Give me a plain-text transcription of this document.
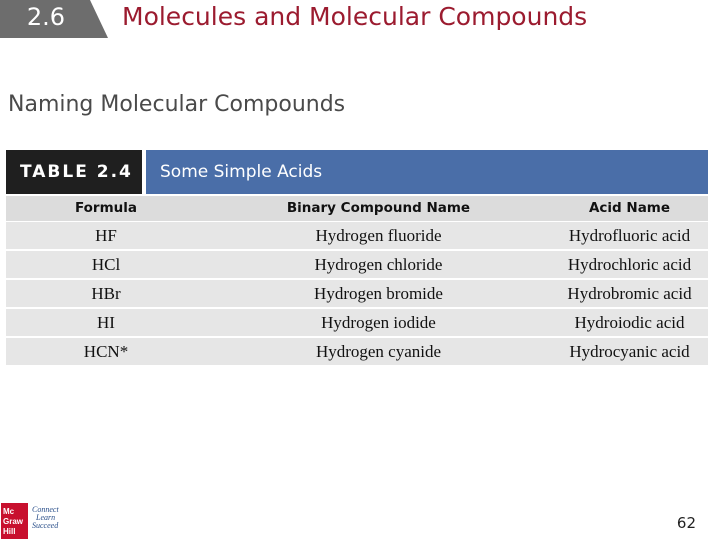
2.6	Molecules and Molecular Compounds
Naming Molecular Compounds
TABLE 2.4	Some Simple Acids
Formula	Binary Compound Name	Acid Name
HF	Hydrogen fluoride	Hydrofluoric acid
HCl	Hydrogen chloride	Hydrochloric acid
HBr	Hydrogen bromide	Hydrobromic acid
HI	Hydrogen iodide	Hydroiodic acid
HCN*	Hydrogen cyanide	Hydrocyanic acid
Mc
Graw
Hill
Connect
Learn
Succeed	62
